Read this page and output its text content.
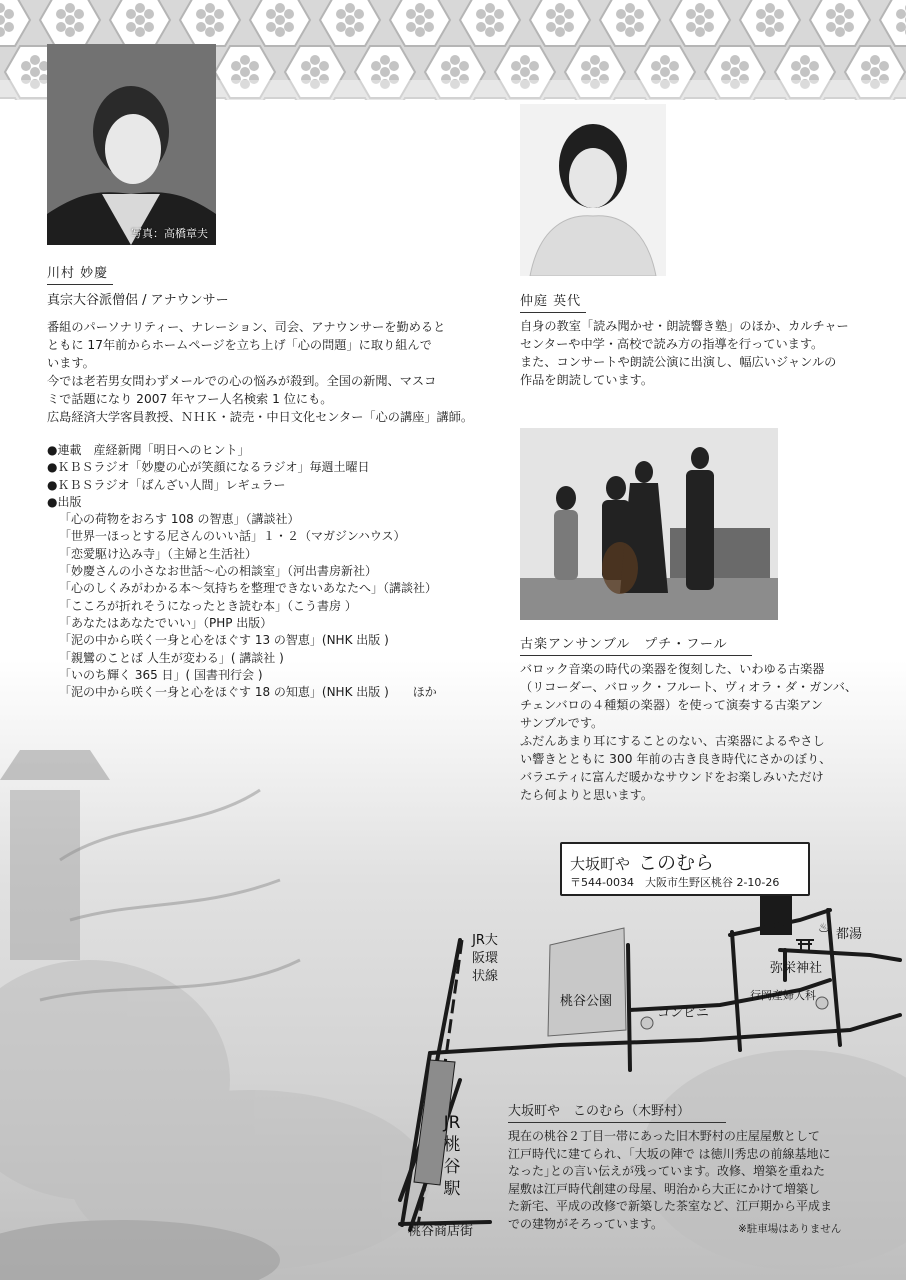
写真：高橋章夫
川村 妙慶
真宗大谷派僧侶 / アナウンサー

番組のパーソナリティー、ナレーション、司会、アナウンサーを勤めると
ともに 17年前からホームページを立ち上げ「心の問題」に取り組んで
います。
今では老若男女問わずメールでの心の悩みが殺到。全国の新聞、マスコ
ミで話題になり 2007 年ヤフー人名検索 1 位にも。
広島経済大学客員教授、ＮＨＫ・読売・中日文化センター「心の講座」講師。

●連載　産経新聞「明日へのヒント」
●ＫＢＳラジオ「妙慶の心が笑顔になるラジオ」毎週土曜日
●ＫＢＳラジオ「ばんざい人間」レギュラー
●出版
「心の荷物をおろす 108 の智恵」（講談社）
「世界一ほっとする尼さんのいい話」１・２（マガジンハウス）
「恋愛駆け込み寺」（主婦と生活社）
「妙慶さんの小さなお世話～心の相談室」（河出書房新社）
「心のしくみがわかる本～気持ちを整理できないあなたへ」（講談社）
「こころが折れそうになったとき読む本」（こう書房 ）
「あなたはあなたでいい」（PHP 出版）
「泥の中から咲く一身と心をほぐす 13 の智恵」(NHK 出版 )
「親鸞のことば 人生が変わる」( 講談社 )
「いのち輝く 365 日」( 国書刊行会 )
「泥の中から咲く一身と心をほぐす 18 の知恵」(NHK 出版 )　　ほか
仲庭 英代

自身の教室「読み聞かせ・朗読響き塾」のほか、カルチャー
センターや中学・高校で読み方の指導を行っています。
また、コンサートや朗読公演に出演し、幅広いジャンルの
作品を朗読しています。

古楽アンサンブル　プチ・フール

バロック音楽の時代の楽器を復刻した、いわゆる古楽器
（リコーダー、バロック・フルート、ヴィオラ・ダ・ガンバ、
チェンバロの４種類の楽器）を使って演奏する古楽アン
サンブルです。
ふだんあまり耳にすることのない、古楽器によるやさし
い響きとともに 300 年前の古き良き時代にさかのぼり、
バラエティに富んだ暖かなサウンドをお楽しみいただけ
たら何よりと思います。

JR大阪環状線
桃谷公園
コンビニ
都湯
♨
弥栄神社
行岡産婦人科
JR桃谷駅
桃谷商店街
大坂町や このむら
〒544-0034　大阪市生野区桃谷 2-10-26
大坂町や　このむら（木野村）

現在の桃谷２丁目一帯にあった旧木野村の庄屋屋敷として
江戸時代に建てられ、｢大坂の陣で は徳川秀忠の前線基地に
なった｣との言い伝えが残っています。改修、増築を重ねた
屋敷は江戸時代創建の母屋、明治から大正にかけて増築し
た新宅、平成の改修で新築した茶室など、江戸期から平成ま
での建物がそろっています。	※駐車場はありません
